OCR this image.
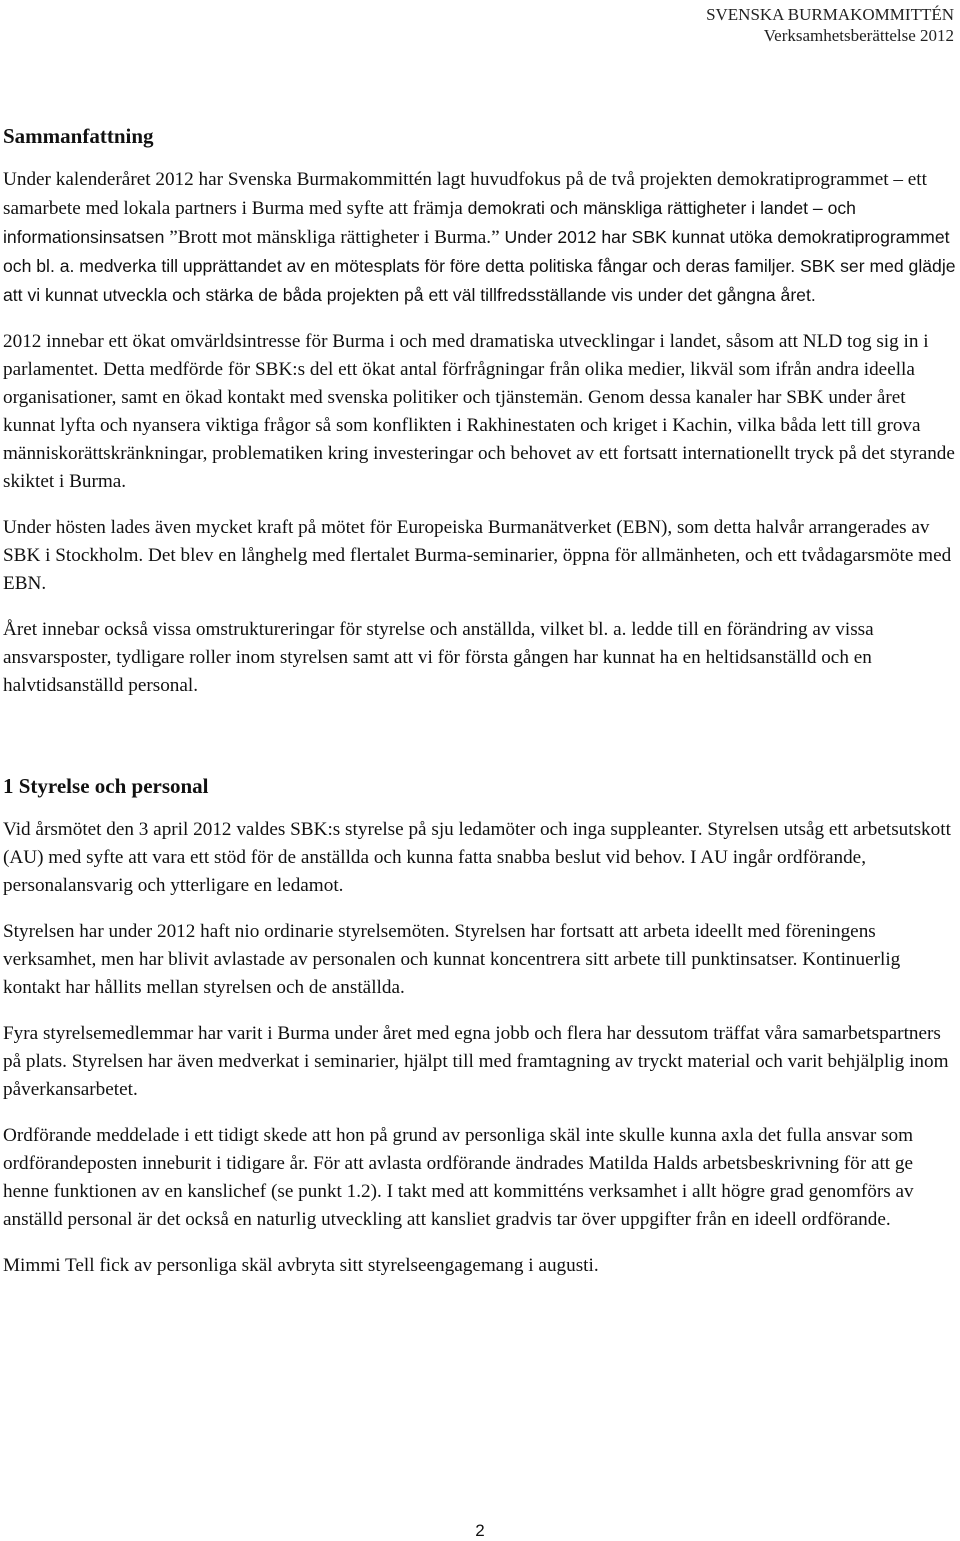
SVENSKA BURMAKOMMITTÉN
Verksamhetsberättelse 2012
Sammanfattning

Under kalenderåret 2012 har Svenska Burmakommittén lagt huvudfokus på de två projekten demokratiprogrammet – ett samarbete med lokala partners i Burma med syfte att främja demokrati och mänskliga rättigheter i landet – och informationsinsatsen ”Brott mot mänskliga rättigheter i Burma.” Under 2012 har SBK kunnat utöka demokratiprogrammet och bl. a. medverka till upprättandet av en mötesplats för före detta politiska fångar och deras familjer. SBK ser med glädje att vi kunnat utveckla och stärka de båda projekten på ett väl tillfredsställande vis under det gångna året.

2012 innebar ett ökat omvärldsintresse för Burma i och med dramatiska utvecklingar i landet, såsom att NLD tog sig in i parlamentet. Detta medförde för SBK:s del ett ökat antal förfrågningar från olika medier, likväl som ifrån andra ideella organisationer, samt en ökad kontakt med svenska politiker och tjänstemän. Genom dessa kanaler har SBK under året kunnat lyfta och nyansera viktiga frågor så som konflikten i Rakhinestaten och kriget i Kachin, vilka båda lett till grova människorättskränkningar, problematiken kring investeringar och behovet av ett fortsatt internationellt tryck på det styrande skiktet i Burma.

Under hösten lades även mycket kraft på mötet för Europeiska Burmanätverket (EBN), som detta halvår arrangerades av SBK i Stockholm. Det blev en långhelg med flertalet Burma-seminarier, öppna för allmänheten, och ett tvådagarsmöte med EBN.

Året innebar också vissa omstruktureringar för styrelse och anställda, vilket bl. a. ledde till en förändring av vissa ansvarsposter, tydligare roller inom styrelsen samt att vi för första gången har kunnat ha en heltidsanställd och en halvtidsanställd personal.

1 Styrelse och personal

Vid årsmötet den 3 april 2012 valdes SBK:s styrelse på sju ledamöter och inga suppleanter. Styrelsen utsåg ett arbetsutskott (AU) med syfte att vara ett stöd för de anställda och kunna fatta snabba beslut vid behov. I AU ingår ordförande, personalansvarig och ytterligare en ledamot.

Styrelsen har under 2012 haft nio ordinarie styrelsemöten. Styrelsen har fortsatt att arbeta ideellt med föreningens verksamhet, men har blivit avlastade av personalen och kunnat koncentrera sitt arbete till punktinsatser. Kontinuerlig kontakt har hållits mellan styrelsen och de anställda.

Fyra styrelsemedlemmar har varit i Burma under året med egna jobb och flera har dessutom träffat våra samarbetspartners på plats. Styrelsen har även medverkat i seminarier, hjälpt till med framtagning av tryckt material och varit behjälplig inom påverkansarbetet.

Ordförande meddelade i ett tidigt skede att hon på grund av personliga skäl inte skulle kunna axla det fulla ansvar som ordförandeposten inneburit i tidigare år. För att avlasta ordförande ändrades Matilda Halds arbetsbeskrivning för att ge henne funktionen av en kanslichef (se punkt 1.2). I takt med att kommitténs verksamhet i allt högre grad genomförs av anställd personal är det också en naturlig utveckling att kansliet gradvis tar över uppgifter från en ideell ordförande.

Mimmi Tell fick av personliga skäl avbryta sitt styrelseengagemang i augusti.

2
